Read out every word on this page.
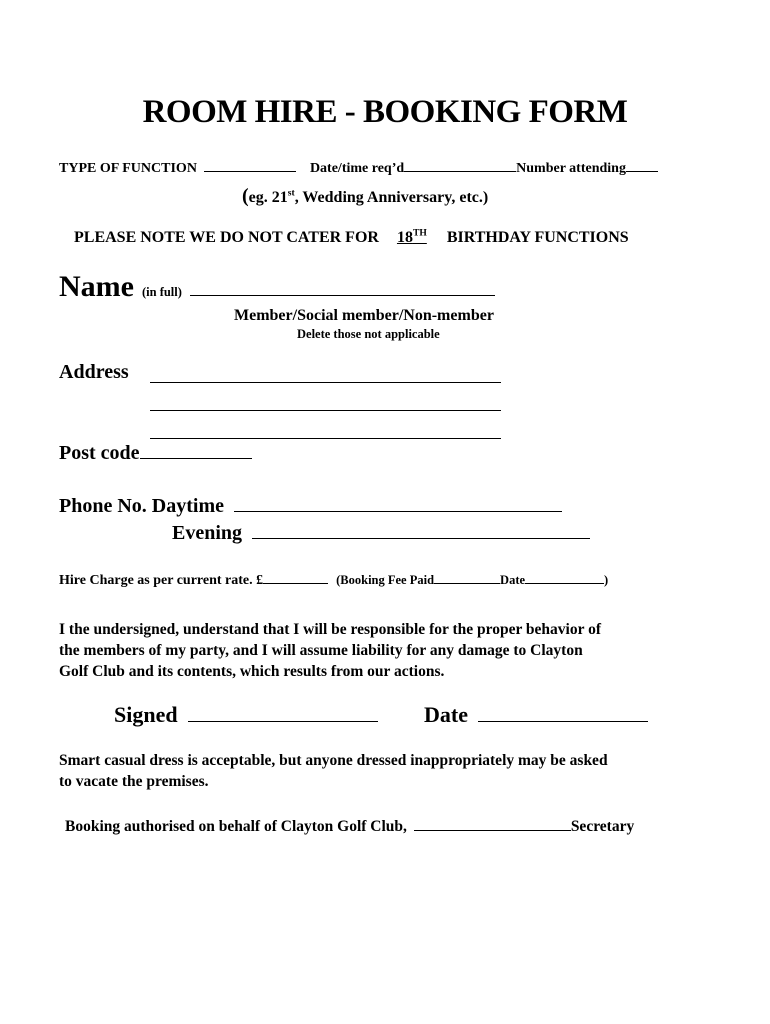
ROOM HIRE - BOOKING FORM
TYPE OF FUNCTION	Date/time req’d	Number attending
(eg. 21st, Wedding Anniversary, etc.)
PLEASE NOTE WE DO NOT CATER FOR 18TH BIRTHDAY FUNCTIONS
Name (in full)
Member/Social member/Non-member
Delete those not applicable
Address
Post code
Phone No. Daytime
Evening
Hire Charge as per current rate. £	(Booking Fee Paid	Date	)
I the undersigned, understand that I will be responsible for the proper behavior of
the members of my party, and I will assume liability for any damage to Clayton
Golf Club and its contents, which results from our actions.
Signed	Date
Smart casual dress is acceptable, but anyone dressed inappropriately may be asked
to vacate the premises.
Booking authorised on behalf of Clayton Golf Club,	Secretary
